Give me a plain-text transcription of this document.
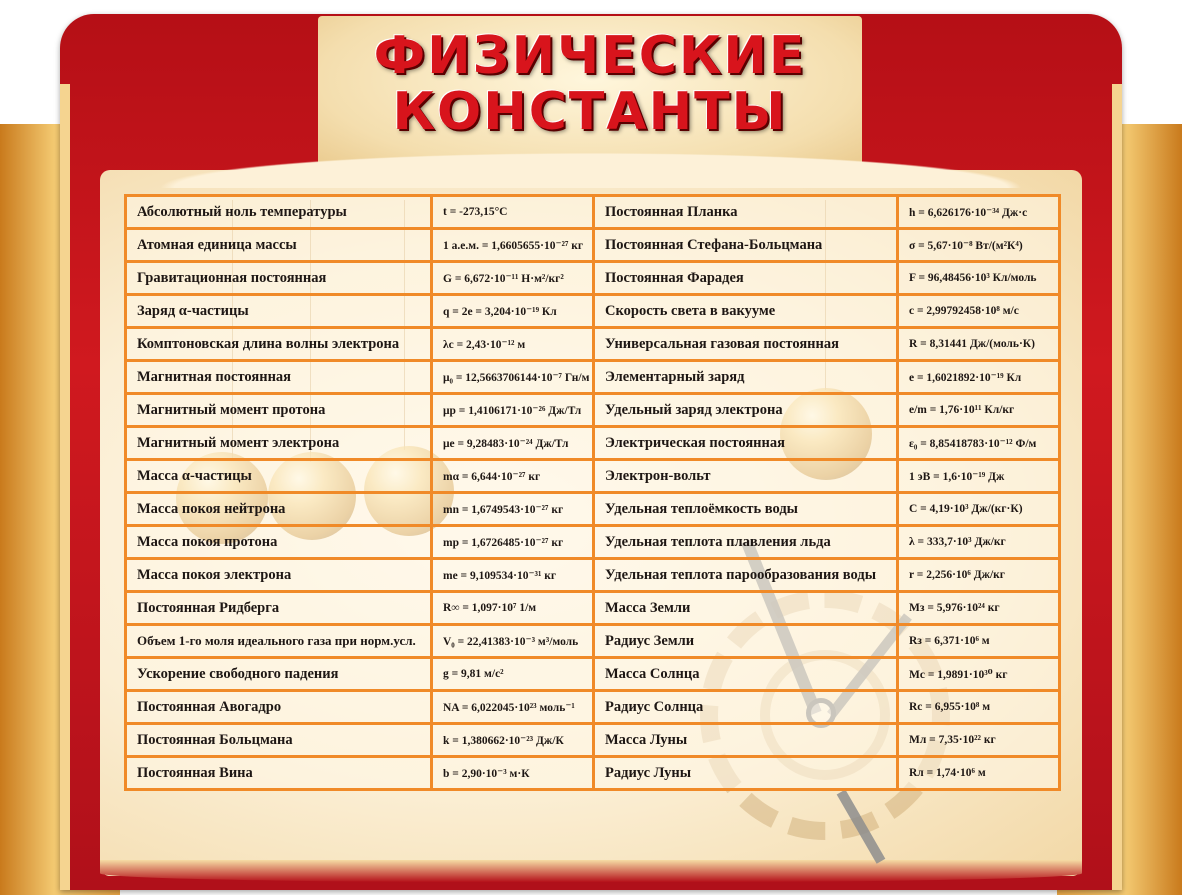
ФИЗИЧЕСКИЕ
КОНСТАНТЫ
Абсолютный ноль температуры	t = -273,15°C	Постоянная Планка	h = 6,626176·10⁻³⁴ Дж·с
Атомная единица массы	1 а.е.м. = 1,6605655·10⁻²⁷ кг	Постоянная Стефана-Больцмана	σ = 5,67·10⁻⁸ Вт/(м²К⁴)
Гравитационная постоянная	G = 6,672·10⁻¹¹ Н·м²/кг²	Постоянная Фарадея	F = 96,48456·10³ Кл/моль
Заряд α-частицы	q = 2e = 3,204·10⁻¹⁹ Кл	Скорость света в вакууме	c = 2,99792458·10⁸ м/с
Комптоновская длина волны электрона	λc = 2,43·10⁻¹² м	Универсальная газовая постоянная	R = 8,31441 Дж/(моль·К)
Магнитная постоянная	μ₀ = 12,5663706144·10⁻⁷ Гн/м	Элементарный заряд	e = 1,6021892·10⁻¹⁹ Кл
Магнитный момент протона	μp = 1,4106171·10⁻²⁶ Дж/Тл	Удельный заряд электрона	e/m = 1,76·10¹¹ Кл/кг
Магнитный момент электрона	μe = 9,28483·10⁻²⁴ Дж/Тл	Электрическая постоянная	ε₀ = 8,85418783·10⁻¹² Ф/м
Масса α-частицы	mα = 6,644·10⁻²⁷ кг	Электрон-вольт	1 эВ = 1,6·10⁻¹⁹ Дж
Масса покоя нейтрона	mn = 1,6749543·10⁻²⁷ кг	Удельная теплоёмкость воды	C = 4,19·10³ Дж/(кг·К)
Масса покоя протона	mp = 1,6726485·10⁻²⁷ кг	Удельная теплота плавления льда	λ = 333,7·10³ Дж/кг
Масса покоя электрона	me = 9,109534·10⁻³¹ кг	Удельная теплота парообразования воды	r = 2,256·10⁶ Дж/кг
Постоянная Ридберга	R∞ = 1,097·10⁷ 1/м	Масса Земли	Mз = 5,976·10²⁴ кг
Объем 1-го моля идеального газа при норм.усл.	V₀ = 22,41383·10⁻³ м³/моль	Радиус Земли	Rз = 6,371·10⁶ м
Ускорение свободного падения	g = 9,81 м/с²	Масса Солнца	Mс = 1,9891·10³⁰ кг
Постоянная Авогадро	NA = 6,022045·10²³ моль⁻¹	Радиус Солнца	Rс = 6,955·10⁸ м
Постоянная Больцмана	k = 1,380662·10⁻²³ Дж/К	Масса Луны	Mл = 7,35·10²² кг
Постоянная Вина	b = 2,90·10⁻³ м·К	Радиус Луны	Rл = 1,74·10⁶ м
